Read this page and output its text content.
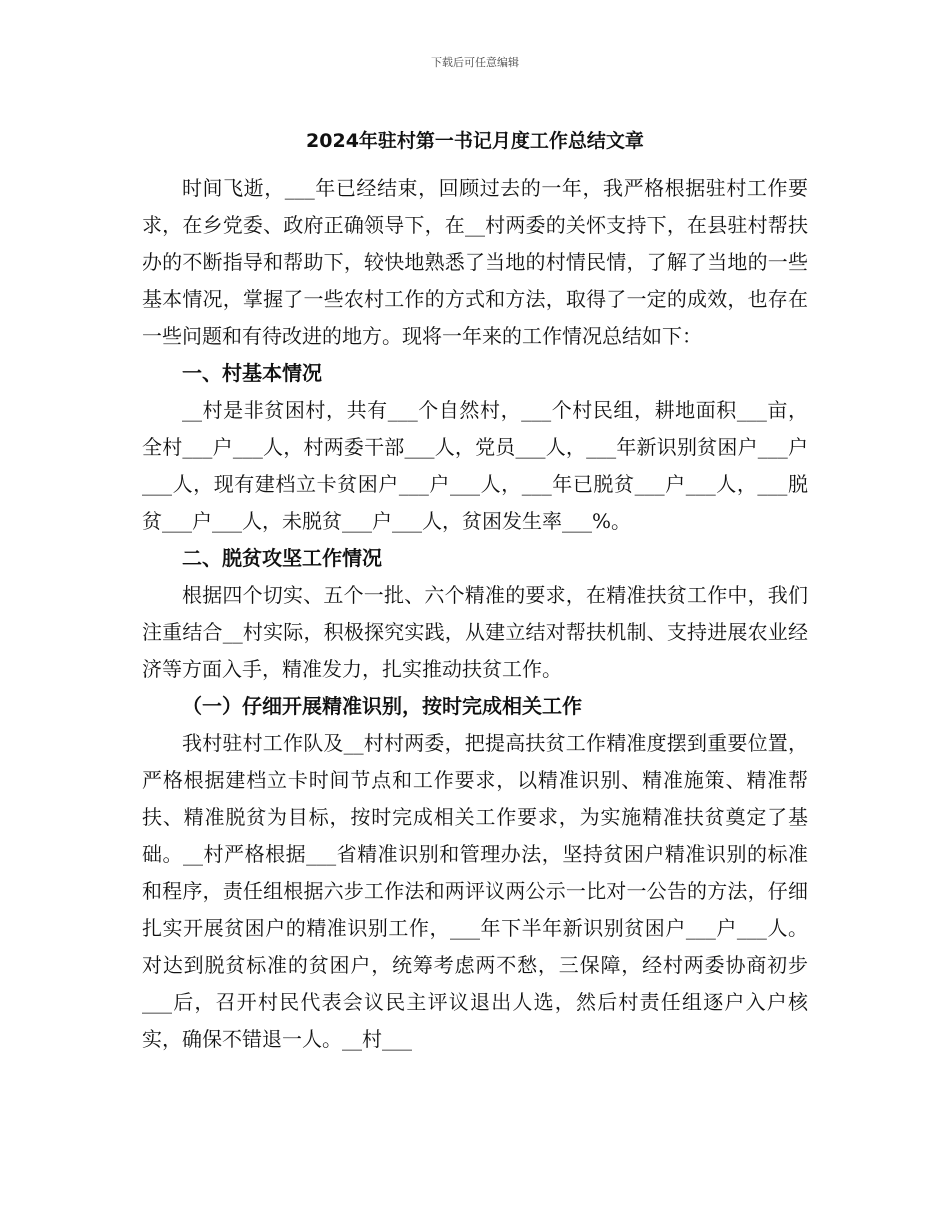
下载后可任意编辑
2024年驻村第一书记月度工作总结文章

时间飞逝，___年已经结束，回顾过去的一年，我严格根据驻村工作要求，在乡党委、政府正确领导下，在__村两委的关怀支持下，在县驻村帮扶办的不断指导和帮助下，较快地熟悉了当地的村情民情，了解了当地的一些基本情况，掌握了一些农村工作的方式和方法，取得了一定的成效，也存在一些问题和有待改进的地方。现将一年来的工作情况总结如下：

一、村基本情况

__村是非贫困村，共有___个自然村，___个村民组，耕地面积___亩，全村___户___人，村两委干部___人，党员___人，___年新识别贫困户___户___人，现有建档立卡贫困户___户___人，___年已脱贫___户___人，___脱贫___户___人，未脱贫___户___人，贫困发生率___%。

二、脱贫攻坚工作情况

根据四个切实、五个一批、六个精准的要求，在精准扶贫工作中，我们注重结合__村实际，积极探究实践，从建立结对帮扶机制、支持进展农业经济等方面入手，精准发力，扎实推动扶贫工作。

（一）仔细开展精准识别，按时完成相关工作

我村驻村工作队及__村村两委，把提高扶贫工作精准度摆到重要位置，严格根据建档立卡时间节点和工作要求，以精准识别、精准施策、精准帮扶、精准脱贫为目标，按时完成相关工作要求，为实施精准扶贫奠定了基础。__村严格根据___省精准识别和管理办法，坚持贫困户精准识别的标准和程序，责任组根据六步工作法和两评议两公示一比对一公告的方法，仔细扎实开展贫困户的精准识别工作，___年下半年新识别贫困户___户___人。对达到脱贫标准的贫困户，统筹考虑两不愁，三保障，经村两委协商初步___后，召开村民代表会议民主评议退出人选，然后村责任组逐户入户核实，确保不错退一人。__村___
